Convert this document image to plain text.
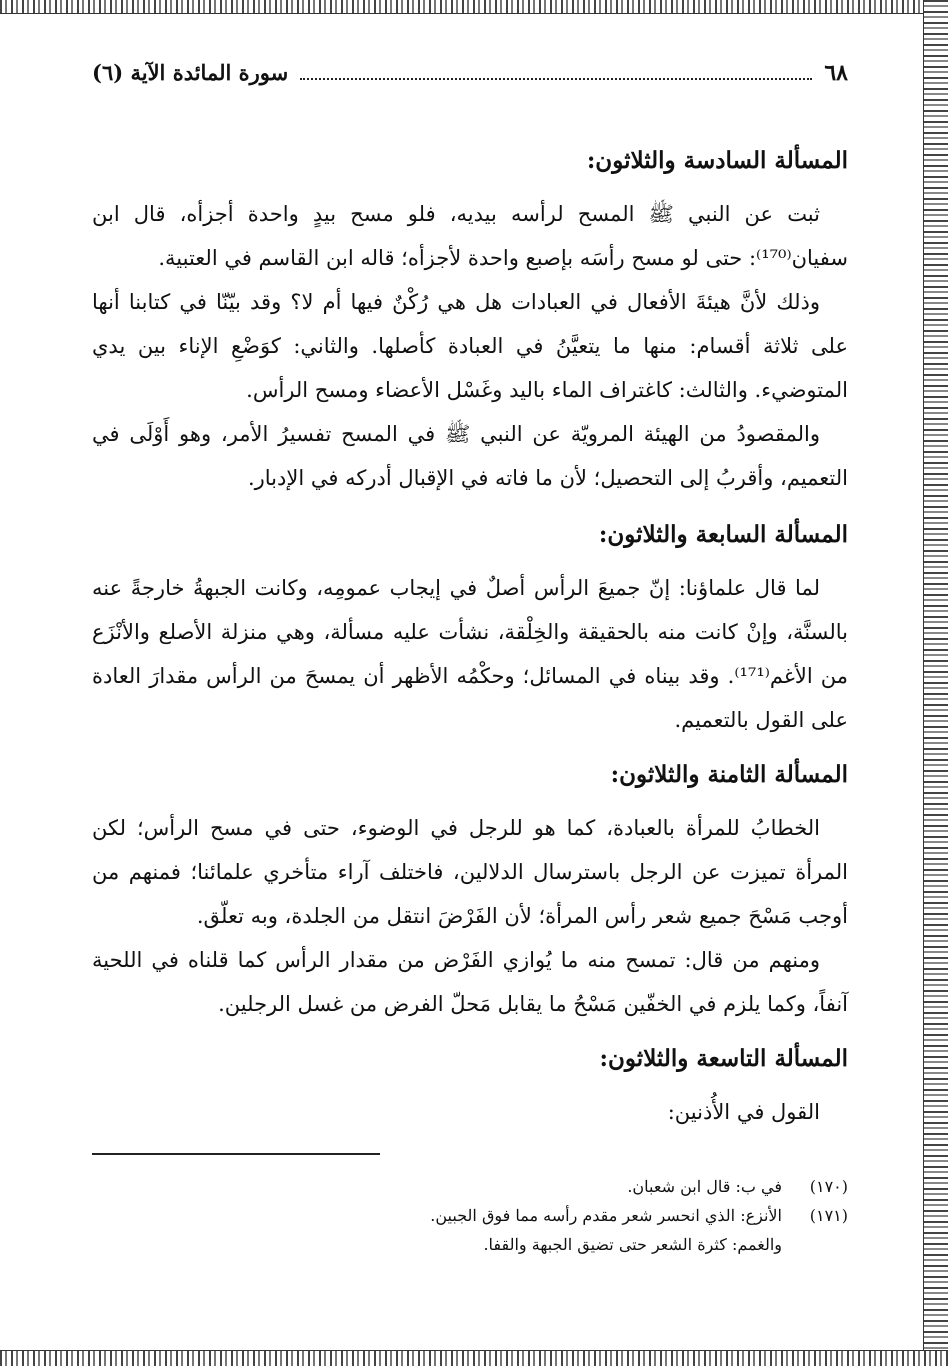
٦٨
سورة المائدة الآية (٦)
المسألة السادسة والثلاثون:

ثبت عن النبي ﷺ المسح لرأسه بيديه، فلو مسح بيدٍ واحدة أجزأه، قال ابن سفيان⁽¹⁷⁰⁾: حتى لو مسح رأسَه بإصبع واحدة لأجزأه؛ قاله ابن القاسم في العتبية.

وذلك لأنَّ هيئةَ الأفعال في العبادات هل هي رُكْنٌ فيها أم لا؟ وقد بيّنّا في كتابنا أنها على ثلاثة أقسام: منها ما يتعيَّنُ في العبادة كأصلها. والثاني: كوَضْعِ الإناء بين يدي المتوضيء. والثالث: كاغتراف الماء باليد وغَسْل الأعضاء ومسح الرأس.

والمقصودُ من الهيئة المرويّة عن النبي ﷺ في المسح تفسيرُ الأمر، وهو أَوْلَى في التعميم، وأقربُ إلى التحصيل؛ لأن ما فاته في الإقبال أدركه في الإدبار.

المسألة السابعة والثلاثون:

لما قال علماؤنا: إنّ جميعَ الرأس أصلٌ في إيجاب عمومِه، وكانت الجبهةُ خارجةً عنه بالسنَّة، وإنْ كانت منه بالحقيقة والخِلْقة، نشأت عليه مسألة، وهي منزلة الأصلع والأنْزَع من الأغم⁽¹⁷¹⁾. وقد بيناه في المسائل؛ وحكْمُه الأظهر أن يمسحَ من الرأس مقدارَ العادة على القول بالتعميم.

المسألة الثامنة والثلاثون:

الخطابُ للمرأة بالعبادة، كما هو للرجل في الوضوء، حتى في مسح الرأس؛ لكن المرأة تميزت عن الرجل باسترسال الدلالين، فاختلف آراء متأخري علمائنا؛ فمنهم من أوجب مَسْحَ جميع شعر رأس المرأة؛ لأن الفَرْضَ انتقل من الجلدة، وبه تعلّق.

ومنهم من قال: تمسح منه ما يُوازي الفَرْض من مقدار الرأس كما قلناه في اللحية آنفاً، وكما يلزم في الخفّين مَسْحُ ما يقابل مَحلّ الفرض من غسل الرجلين.

المسألة التاسعة والثلاثون:

القول في الأُذنين:

(١٧٠)
في ب: قال ابن شعبان.
(١٧١)
الأنزع: الذي انحسر شعر مقدم رأسه مما فوق الجبين.
والغمم: كثرة الشعر حتى تضيق الجبهة والقفا.
